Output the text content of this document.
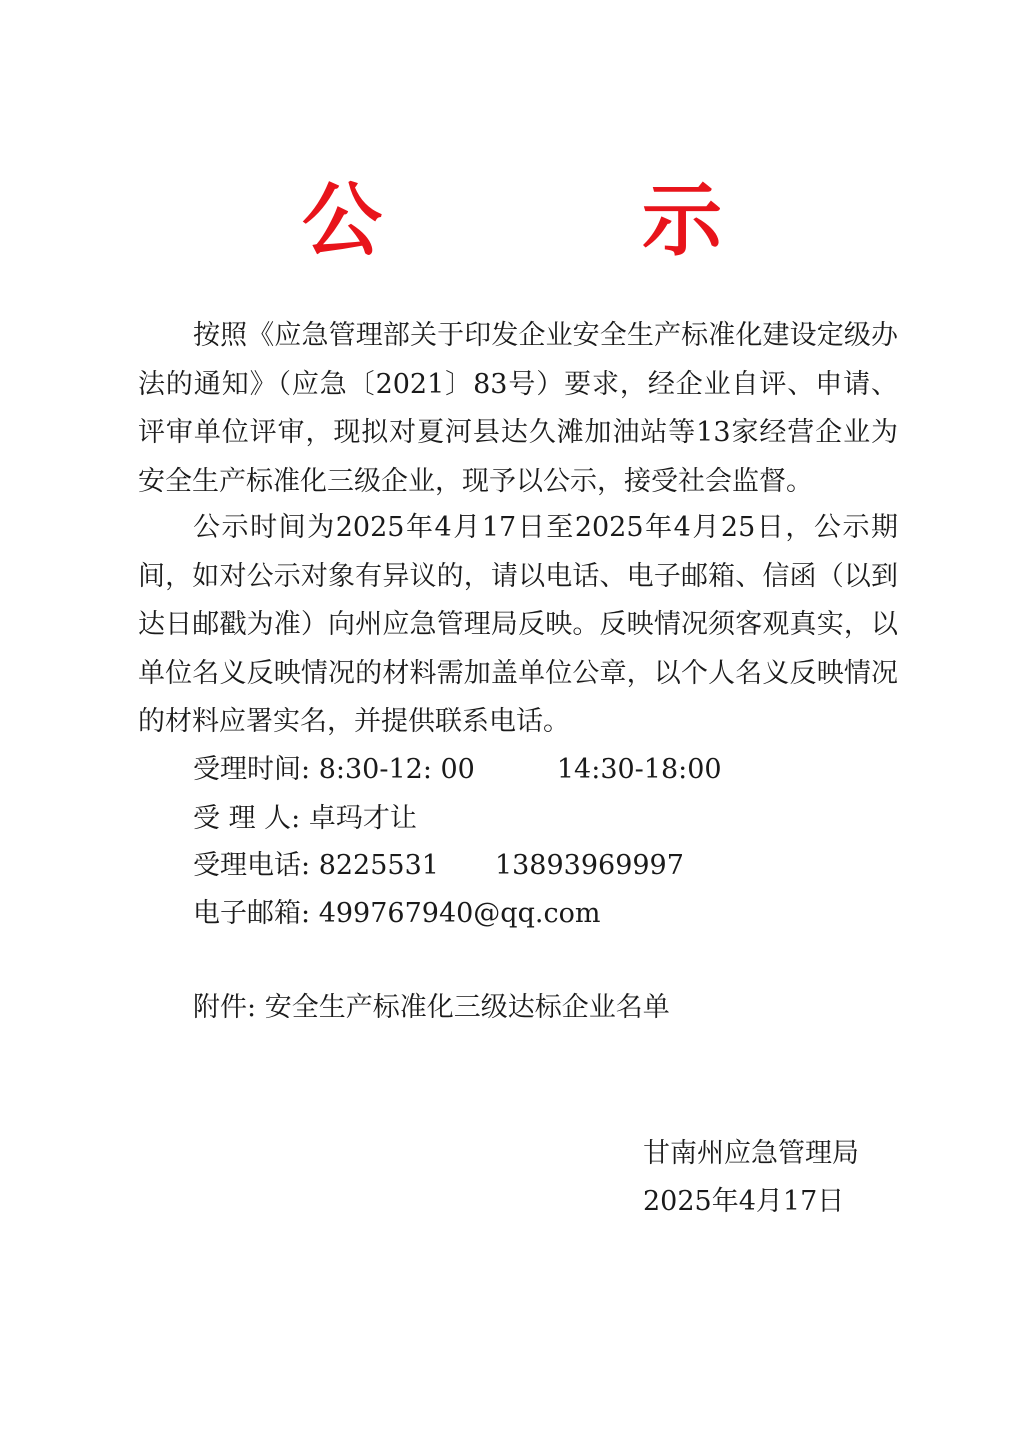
公　示

按照《应急管理部关于印发企业安全生产标准化建设定级办法的通知》（应急〔2021〕83号）要求，经企业自评、申请、评审单位评审，现拟对夏河县达久滩加油站等13家经营企业为安全生产标准化三级企业，现予以公示，接受社会监督。

公示时间为2025年4月17日至2025年4月25日，公示期间，如对公示对象有异议的，请以电话、电子邮箱、信函（以到达日邮戳为准）向州应急管理局反映。反映情况须客观真实，以单位名义反映情况的材料需加盖单位公章，以个人名义反映情况的材料应署实名，并提供联系电话。

受理时间: 8:30-12: 00	14:30-18:00
受 理 人: 卓玛才让
受理电话: 8225531 13893969997
电子邮箱: 499767940@qq.com
附件: 安全生产标准化三级达标企业名单
甘南州应急管理局
2025年4月17日
